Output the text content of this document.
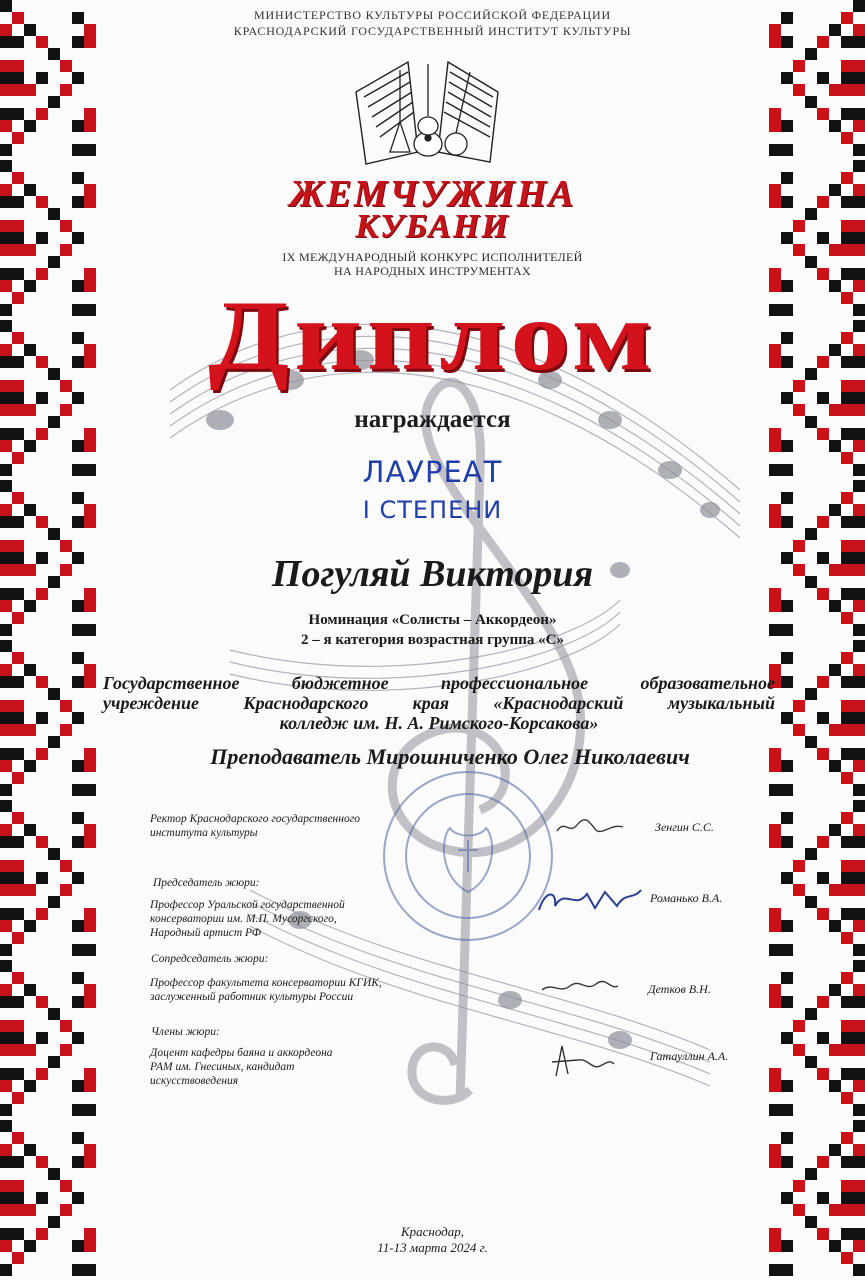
МИНИСТЕРСТВО КУЛЬТУРЫ РОССИЙСКОЙ ФЕДЕРАЦИИ
КРАСНОДАРСКИЙ ГОСУДАРСТВЕННЫЙ ИНСТИТУТ КУЛЬТУРЫ
ЖЕМЧУЖИНА
КУБАНИ
IX МЕЖДУНАРОДНЫЙ КОНКУРС ИСПОЛНИТЕЛЕЙ
НА НАРОДНЫХ ИНСТРУМЕНТАХ
Диплом
награждается
ЛАУРЕАТ
I СТЕПЕНИ
Погуляй Виктория
Номинация «Солисты – Аккордеон»
2 – я категория возрастная группа «С»
Государственное бюджетное профессиональное образовательное
учреждение Краснодарского края «Краснодарский музыкальный
колледж им. Н. А. Римского-Корсакова»
Преподаватель Мирошниченко Олег Николаевич
Ректор Краснодарского государственного
института культуры	Зенгин С.С.
Председатель жюри:
Профессор Уральской государственной
консерватории им. М.П. Мусоргского,
Народный артист РФ
Романько В.А.
Сопредседатель жюри:
Профессор факультета консерватории КГИК,
заслуженный работник культуры России
Детков В.Н.
Члены жюри:
Доцент кафедры баяна и аккордеона
РАМ им. Гнесиных, кандидат
искусствоведения
Гатауллин А.А.
Краснодар,
11-13 марта 2024 г.
